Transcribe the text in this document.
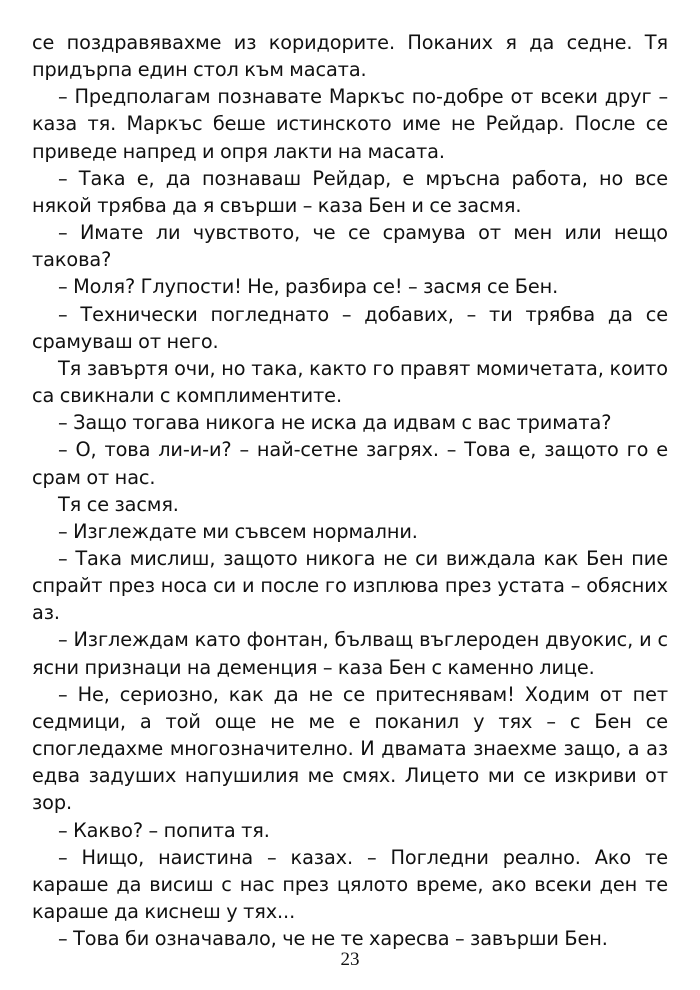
се поздравявахме из коридорите. Поканих я да седне. Тя придърпа един стол към масата.

– Предполагам познавате Маркъс по-добре от всеки друг – каза тя. Маркъс беше истинското име не Рейдар. После се приведе напред и опря лакти на масата.

– Така е, да познаваш Рейдар, е мръсна работа, но все някой трябва да я свърши – каза Бен и се засмя.

– Имате ли чувството, че се срамува от мен или нещо такова?

– Моля? Глупости! Не, разбира се! – засмя се Бен.

– Технически погледнато – добавих, – ти трябва да се срамуваш от него.

Тя завъртя очи, но така, както го правят момичетата, които са свикнали с комплиментите.

– Защо тогава никога не иска да идвам с вас тримата?

– О, това ли-и-и? – най-сетне загрях. – Това е, защото го е срам от нас.

Тя се засмя.

– Изглеждате ми съвсем нормални.

– Така мислиш, защото никога не си виждала как Бен пие спрайт през носа си и после го изплюва през устата – обясних аз.

– Изглеждам като фонтан, бълващ въглероден двуокис, и с ясни признаци на деменция – каза Бен с каменно лице.

– Не, сериозно, как да не се притеснявам! Ходим от пет седмици, а той още не ме е поканил у тях – с Бен се спогледахме многозначително. И двамата знаехме защо, а аз едва задуших напушилия ме смях. Лицето ми се изкриви от зор.

– Какво? – попита тя.

– Нищо, наистина – казах. – Погледни реално. Ако те караше да висиш с нас през цялото време, ако всеки ден те караше да киснеш у тях...

– Това би означавало, че не те харесва – завърши Бен.

23
